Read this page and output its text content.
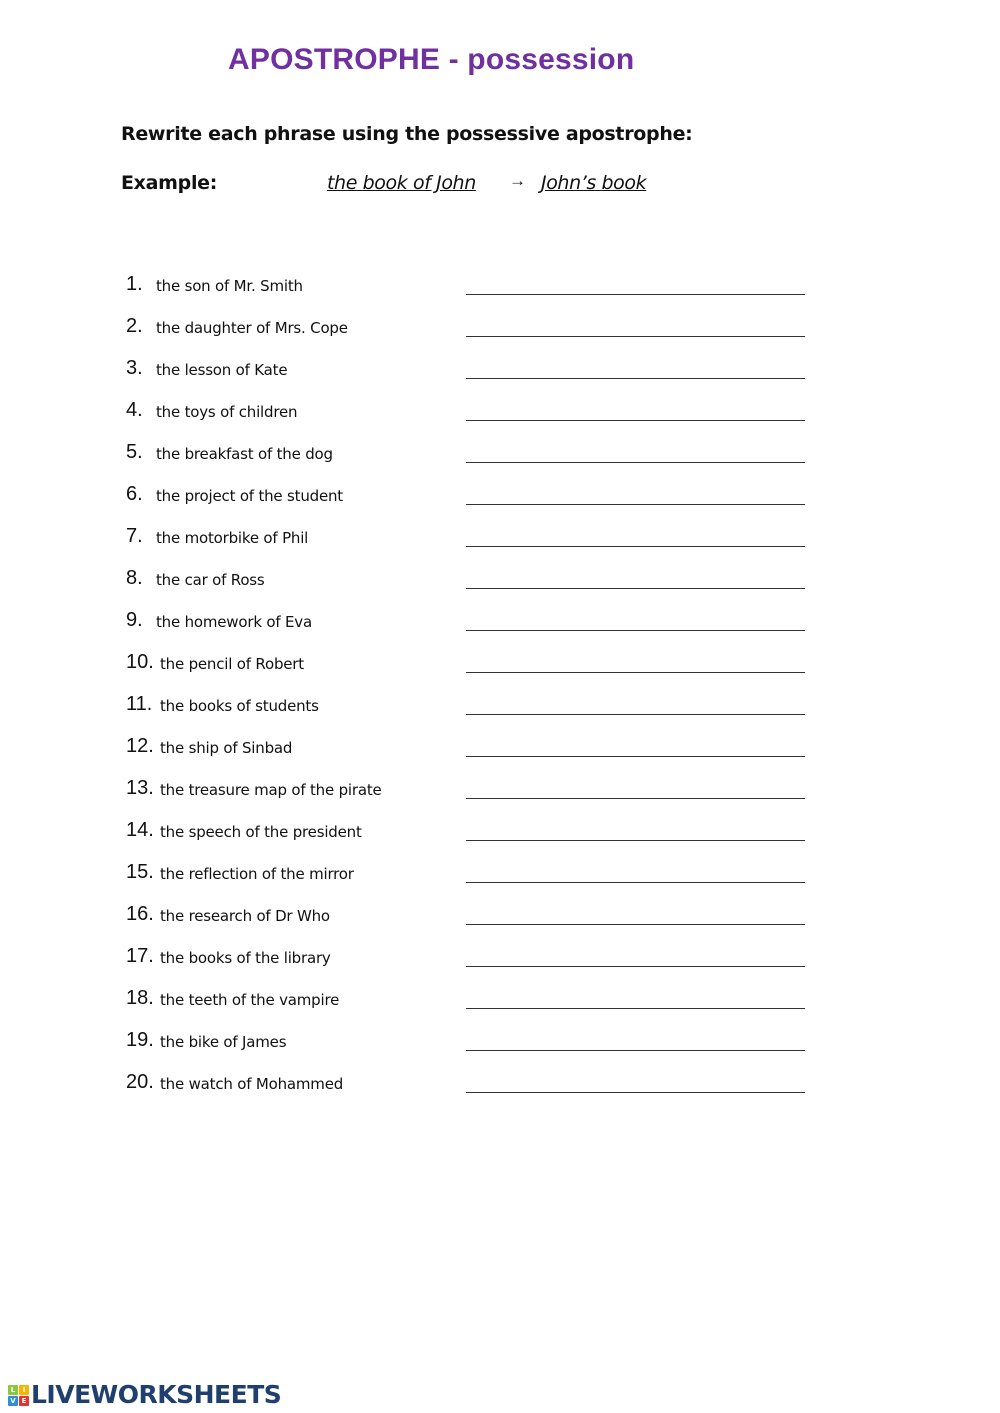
APOSTROPHE - possession
Rewrite each phrase using the possessive apostrophe:
Example:	the book of John → John’s book
1. the son of Mr. Smith
2. the daughter of Mrs. Cope
3. the lesson of Kate
4. the toys of children
5. the breakfast of the dog
6. the project of the student
7. the motorbike of Phil
8. the car of Ross
9. the homework of Eva
10. the pencil of Robert
11. the books of students
12. the ship of Sinbad
13. the treasure map of the pirate
14. the speech of the president
15. the reflection of the mirror
16. the research of Dr Who
17. the books of the library
18. the teeth of the vampire
19. the bike of James
20. the watch of Mohammed
L	I
V E LIVEWORKSHEETS
